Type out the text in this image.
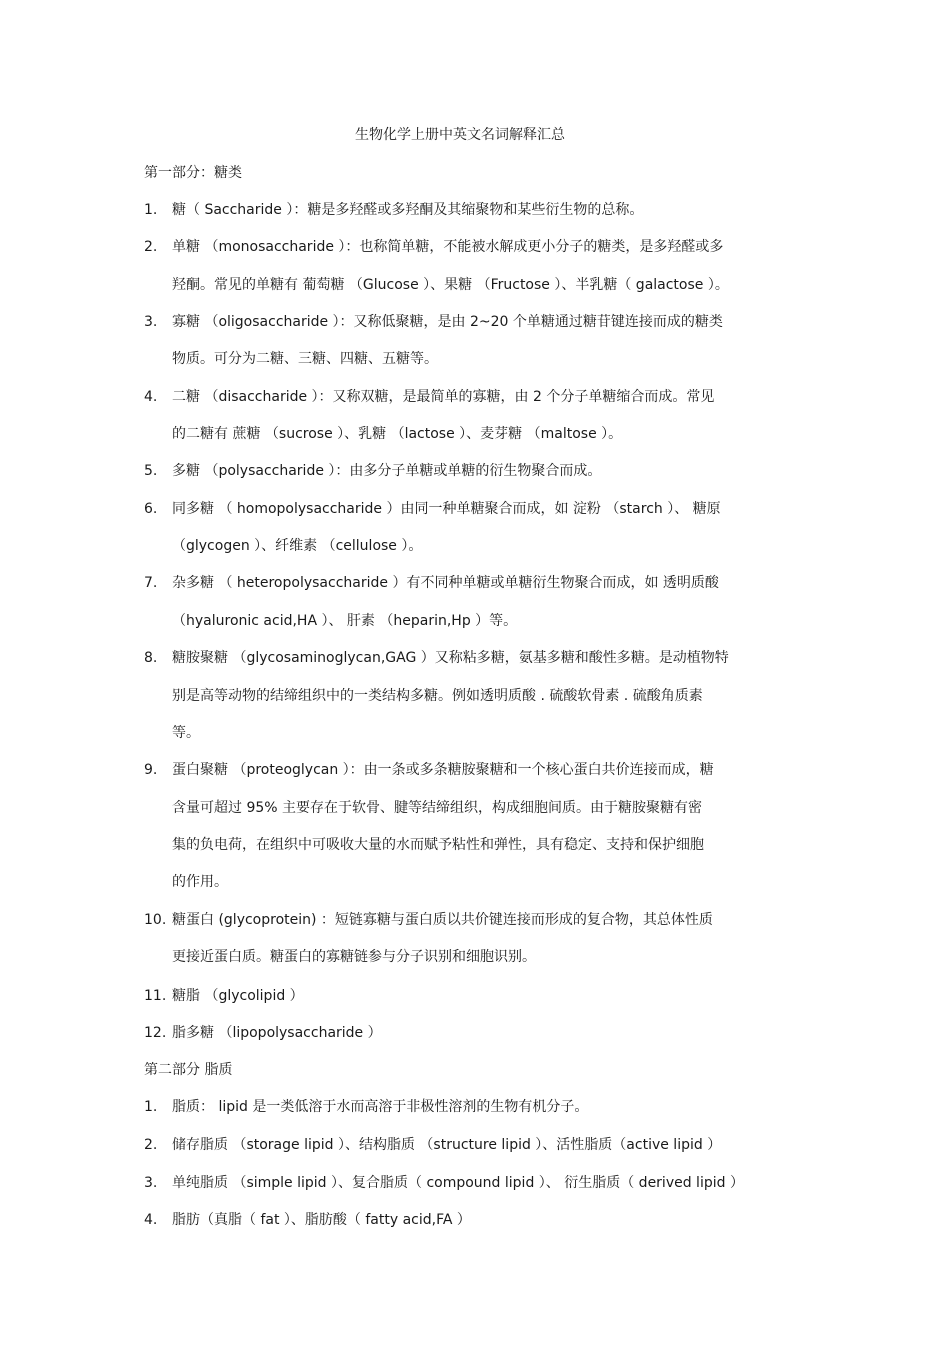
生物化学上册中英文名词解释汇总
第一部分：糖类
1. 糖（ Saccharide ）：糖是多羟醛或多羟酮及其缩聚物和某些衍生物的总称。
2. 单糖 （monosaccharide ）：也称简单糖，不能被水解成更小分子的糖类，是多羟醛或多
羟酮。常见的单糖有 葡萄糖 （Glucose ）、果糖 （Fructose ）、半乳糖（ galactose ）。
3. 寡糖 （oligosaccharide ）：又称低聚糖，是由 2~20 个单糖通过糖苷键连接而成的糖类
物质。可分为二糖、三糖、四糖、五糖等。
4. 二糖 （disaccharide ）：又称双糖，是最简单的寡糖，由 2 个分子单糖缩合而成。常见
的二糖有 蔗糖 （sucrose ）、乳糖 （lactose ）、麦芽糖 （maltose ）。
5. 多糖 （polysaccharide ）：由多分子单糖或单糖的衍生物聚合而成。
6. 同多糖 （ homopolysaccharide ）由同一种单糖聚合而成，如 淀粉 （starch ）、 糖原
（glycogen ）、纤维素 （cellulose ）。
7. 杂多糖 （ heteropolysaccharide ）有不同种单糖或单糖衍生物聚合而成，如 透明质酸
（hyaluronic acid,HA ）、 肝素 （heparin,Hp ）等。
8. 糖胺聚糖 （glycosaminoglycan,GAG ）又称粘多糖，氨基多糖和酸性多糖。是动植物特
别是高等动物的结缔组织中的一类结构多糖。例如透明质酸 . 硫酸软骨素 . 硫酸角质素
等。
9. 蛋白聚糖 （proteoglycan ）：由一条或多条糖胺聚糖和一个核心蛋白共价连接而成，糖
含量可超过 95% 主要存在于软骨、腱等结缔组织，构成细胞间质。由于糖胺聚糖有密
集的负电荷，在组织中可吸收大量的水而赋予粘性和弹性，具有稳定、支持和保护细胞
的作用。
10. 糖蛋白 (glycoprotein) ：短链寡糖与蛋白质以共价键连接而形成的复合物，其总体性质
更接近蛋白质。糖蛋白的寡糖链参与分子识别和细胞识别。
11. 糖脂 （glycolipid ）
12. 脂多糖 （lipopolysaccharide ）
第二部分 脂质
1. 脂质： lipid 是一类低溶于水而高溶于非极性溶剂的生物有机分子。
2. 储存脂质 （storage lipid ）、结构脂质 （structure lipid ）、活性脂质（active lipid ）
3. 单纯脂质 （simple lipid ）、复合脂质（ compound lipid ）、 衍生脂质（ derived lipid ）
4. 脂肪（真脂（ fat ）、脂肪酸（ fatty acid,FA ）
